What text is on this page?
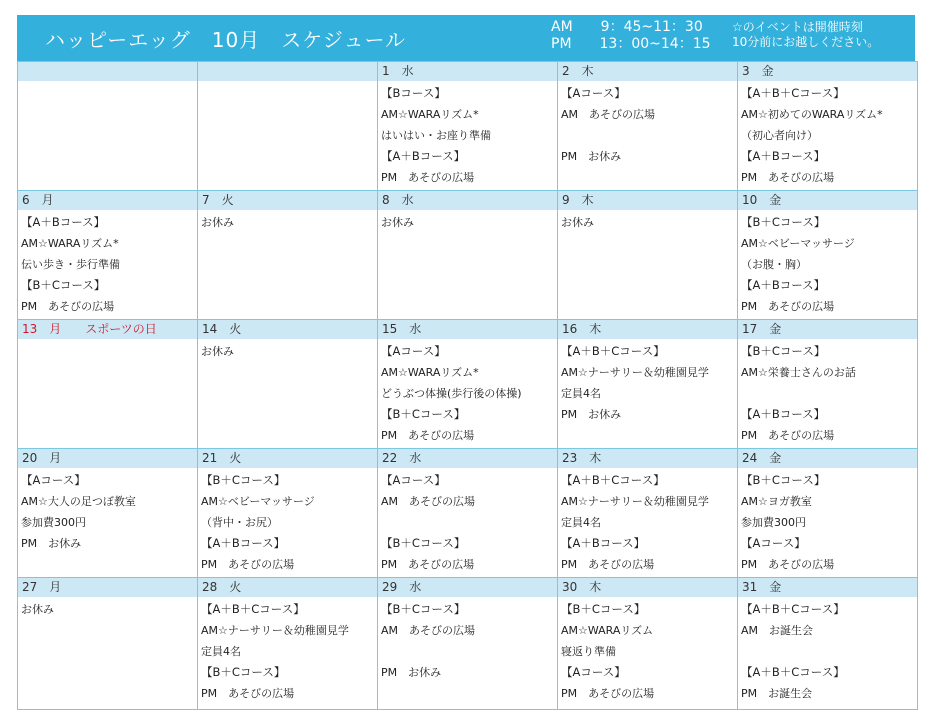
ハッピーエッグ　10月　スケジュール
AM　　9：45~11：30
PM　　13：00~14：15
☆のイベントは開催時刻
10分前にお越しください。
1　水
【Bコース】
AM☆WARAリズム*
はいはい・お座り準備
【A＋Bコース】
PM　あそびの広場
2　木
【Aコース】
AM　あそびの広場
PM　お休み
3　金
【A＋B＋Cコース】
AM☆初めてのWARAリズム*
（初心者向け）
【A＋Bコース】
PM　あそびの広場
6　月
【A＋Bコース】
AM☆WARAリズム*
伝い歩き・歩行準備
【B＋Cコース】
PM　あそびの広場
7　火
お休み
8　水
お休み
9　木
お休み
10　金
【B＋Cコース】
AM☆ベビーマッサージ
（お腹・胸）
【A＋Bコース】
PM　あそびの広場
13　月　　スポーツの日	14　火
お休み
15　水
【Aコース】
AM☆WARAリズム*
どうぶつ体操(歩行後の体操)
【B＋Cコース】
PM　あそびの広場
16　木
【A＋B＋Cコース】
AM☆ナーサリー＆幼稚園見学
定員4名
PM　お休み
17　金
【B＋Cコース】
AM☆栄養士さんのお話
【A＋Bコース】
PM　あそびの広場
20　月
【Aコース】
AM☆大人の足つぼ教室
参加費300円
PM　お休み
21　火
【B＋Cコース】
AM☆ベビーマッサージ
（背中・お尻）
【A＋Bコース】
PM　あそびの広場
22　水
【Aコース】
AM　あそびの広場
【B＋Cコース】
PM　あそびの広場
23　木
【A＋B＋Cコース】
AM☆ナーサリー＆幼稚園見学
定員4名
【A＋Bコース】
PM　あそびの広場
24　金
【B＋Cコース】
AM☆ヨガ教室
参加費300円
【Aコース】
PM　あそびの広場
27　月
お休み
28　火
【A＋B＋Cコース】
AM☆ナーサリー＆幼稚園見学
定員4名
【B＋Cコース】
PM　あそびの広場
29　水
【B＋Cコース】
AM　あそびの広場
PM　お休み
30　木
【B＋Cコース】
AM☆WARAリズム
寝返り準備
【Aコース】
PM　あそびの広場
31　金
【A＋B＋Cコース】
AM　お誕生会
【A＋B＋Cコース】
PM　お誕生会
